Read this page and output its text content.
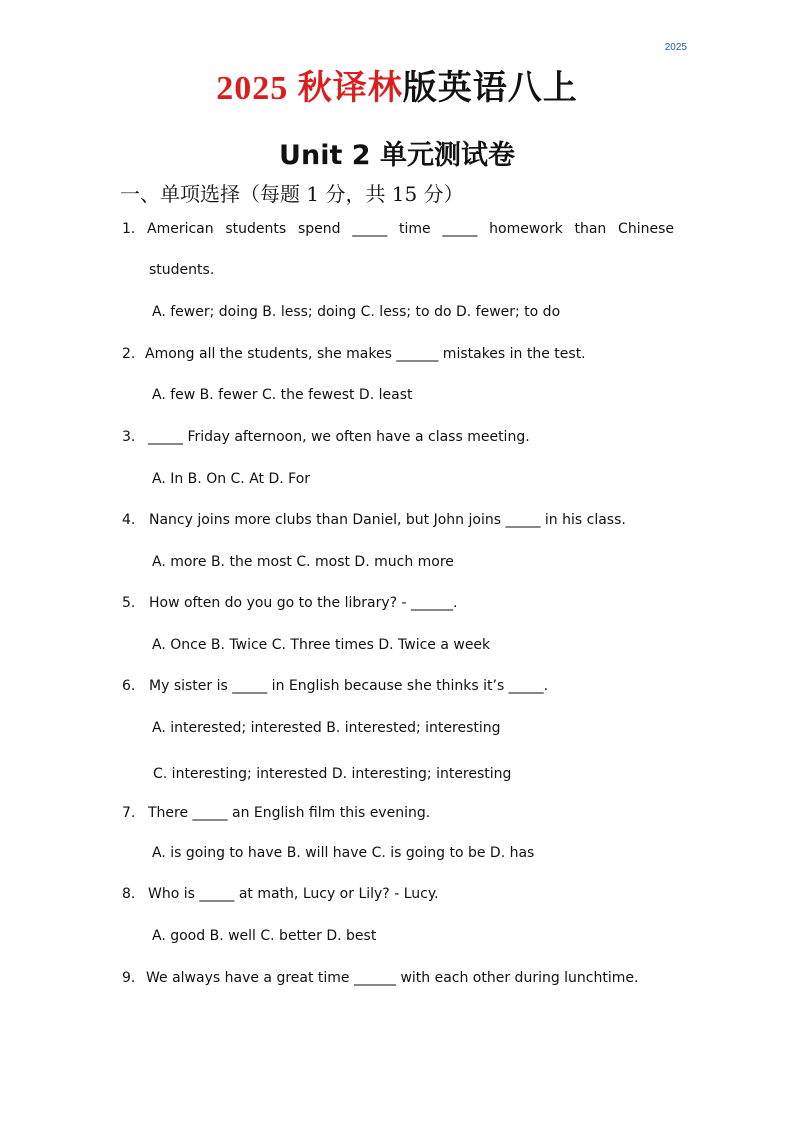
2025
2025 秋译林版英语八上
Unit 2 单元测试卷
一、单项选择（每题 1 分，共 15 分）
1. American students spend _____ time _____ homework than Chinese
students.
A. fewer; doing B. less; doing C. less; to do D. fewer; to do
2. Among all the students, she makes ______ mistakes in the test.
A. few B. fewer C. the fewest D. least
3. _____ Friday afternoon, we often have a class meeting.
A. In B. On C. At D. For
4. Nancy joins more clubs than Daniel, but John joins _____ in his class.
A. more B. the most C. most D. much more
5. How often do you go to the library? - ______.
A. Once B. Twice C. Three times D. Twice a week
6. My sister is _____ in English because she thinks it’s _____.
A. interested; interested B. interested; interesting
C. interesting; interested D. interesting; interesting
7. There _____ an English film this evening.
A. is going to have B. will have C. is going to be D. has
8. Who is _____ at math, Lucy or Lily? - Lucy.
A. good B. well C. better D. best
9. We always have a great time ______ with each other during lunchtime.
